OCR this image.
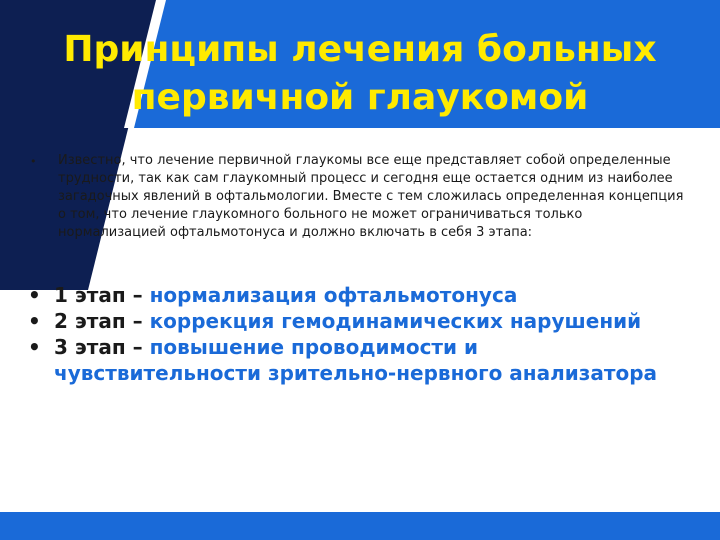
Принципы лечения больных
первичной глаукомой
•	Известно, что лечение первичной глаукомы все еще представляет собой определенные трудности, так как сам глаукомный процесс и сегодня еще остается одним из наиболее загадочных явлений в офтальмологии. Вместе с тем сложилась определенная концепция о том, что лечение глаукомного больного не может ограничиваться только нормализацией офтальмотонуса и должно включать в себя 3 этапа:

• 1 этап – нормализация офтальмотонуса
• 2 этап – коррекция гемодинамических нарушений
• 3 этап – повышение проводимости и чувствительности зрительно-нервного анализатора
